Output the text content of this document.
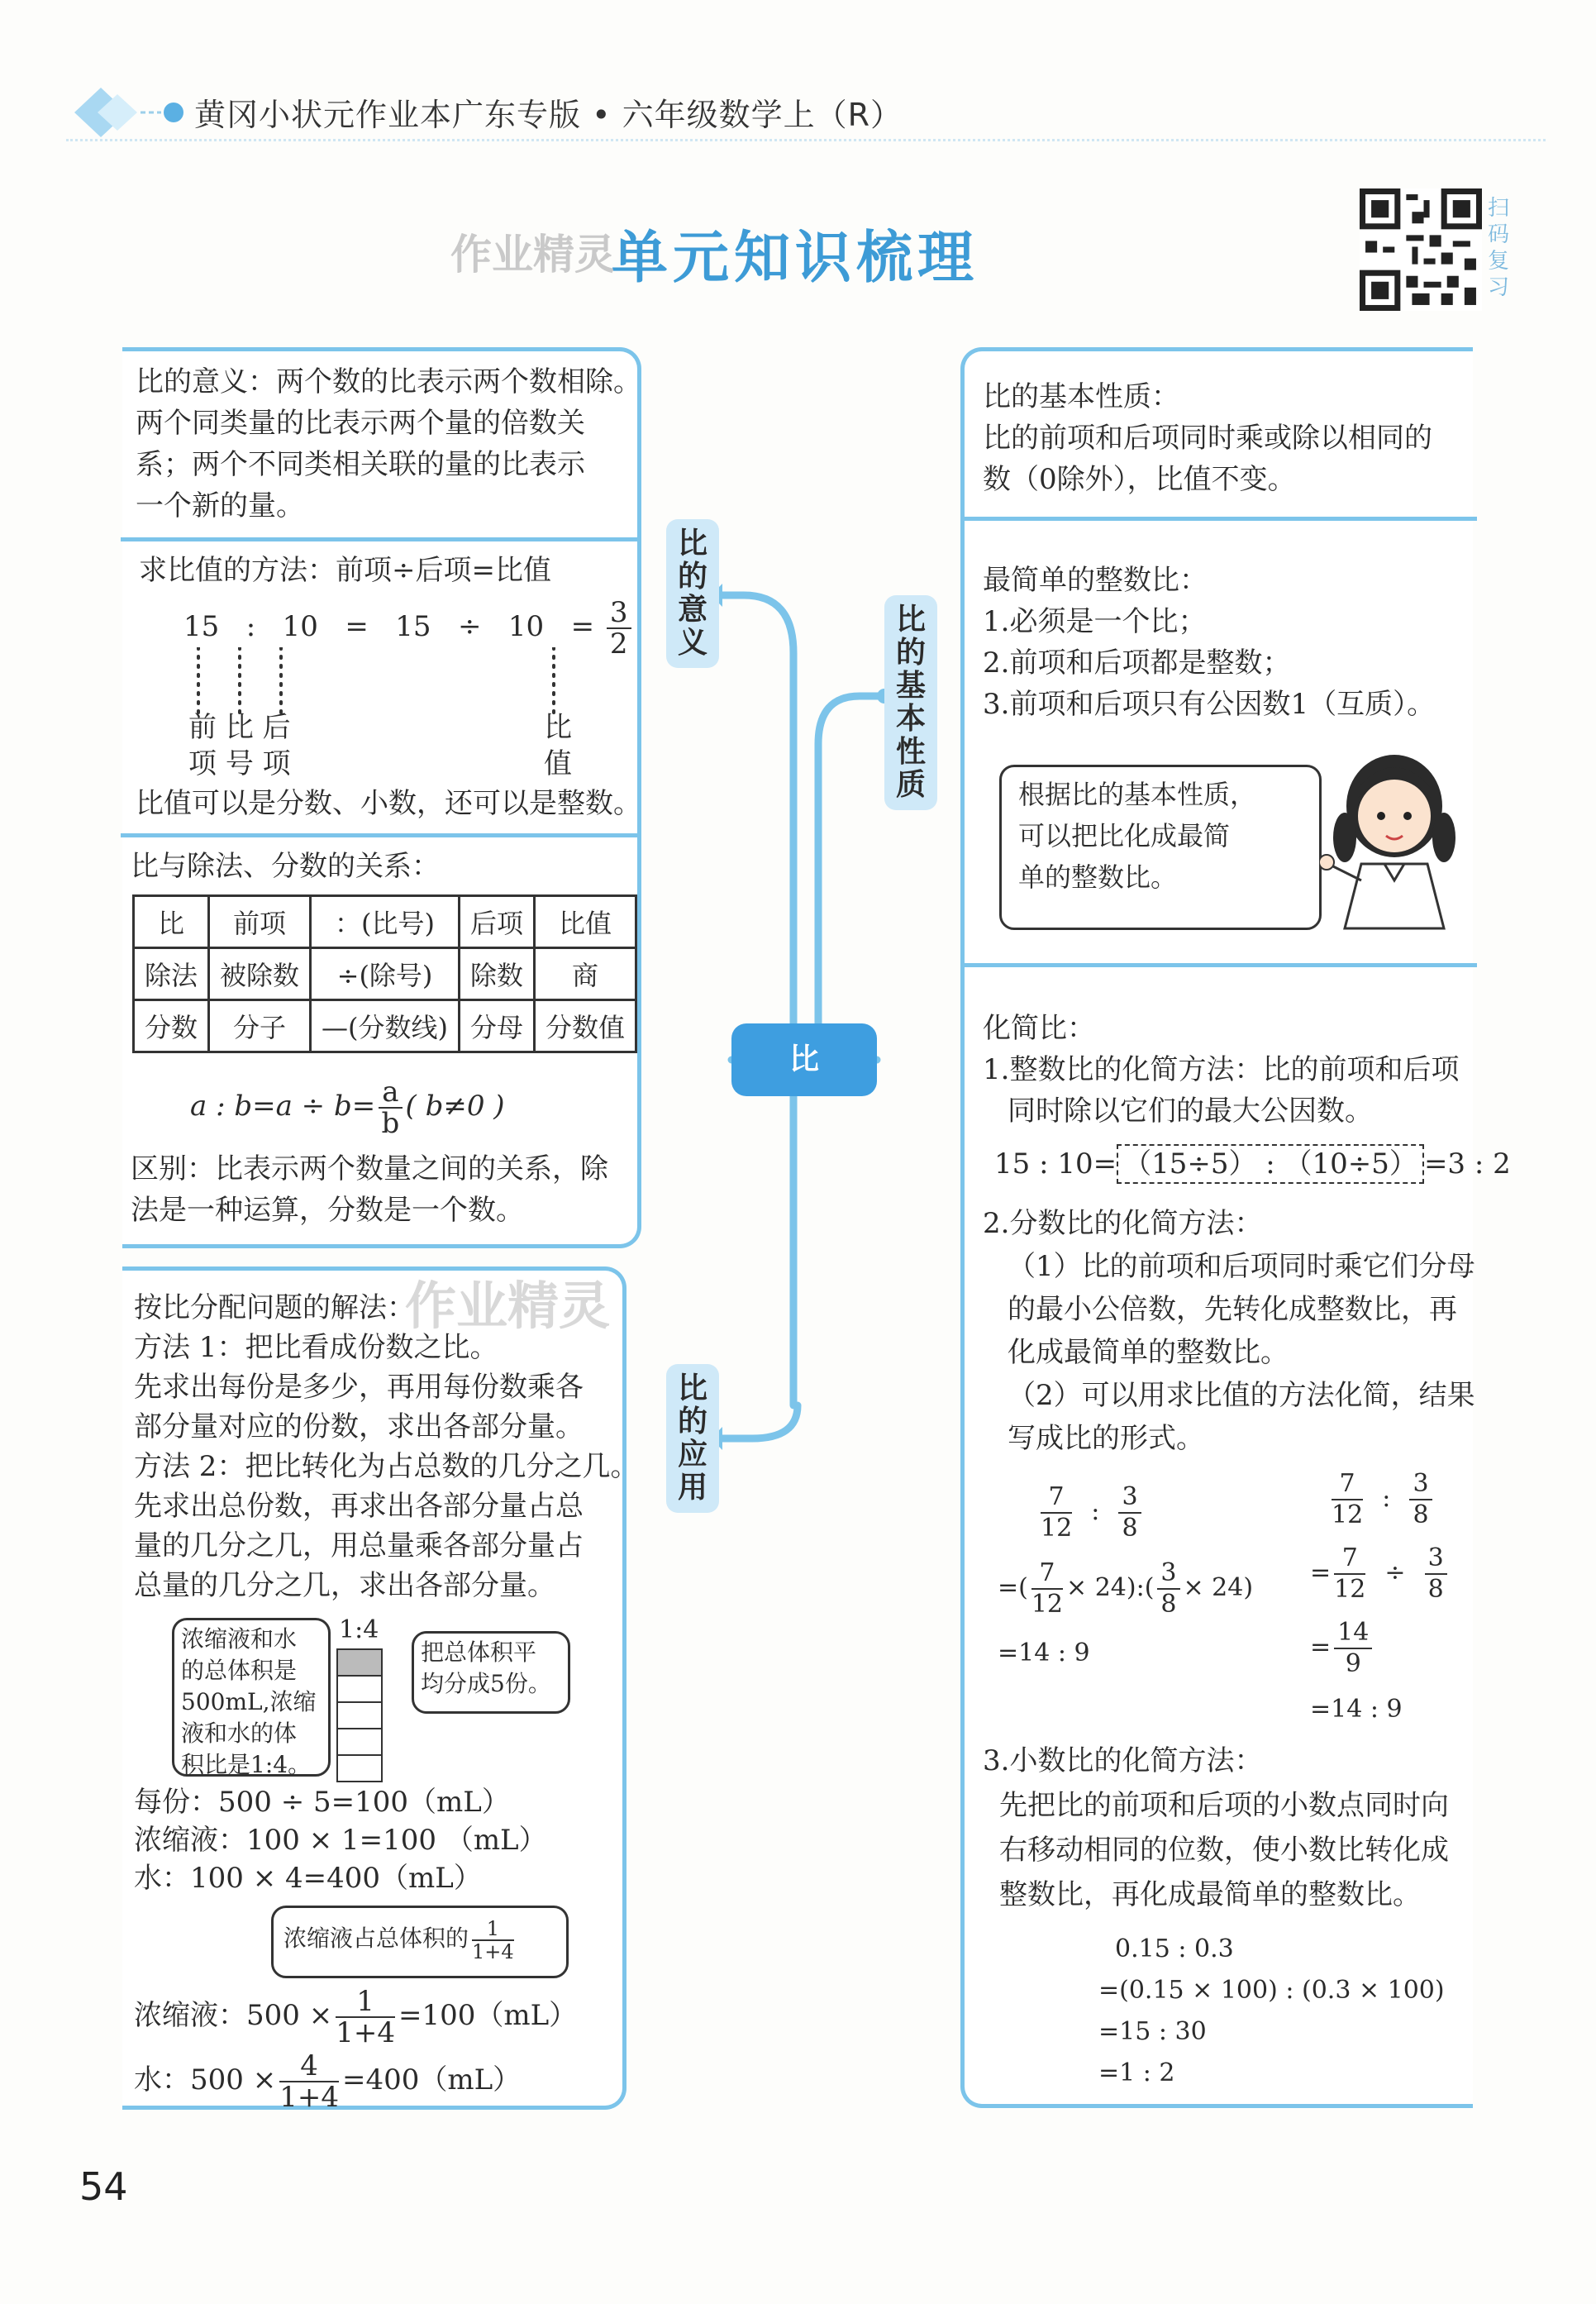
黄冈小状元作业本广东专版 • 六年级数学上（R）
作业精灵
单元知识梳理
扫码复习
比
比的意义
比的基本性质
比的应用
比的意义：两个数的比表示两个数相除。
两个同类量的比表示两个量的倍数关
系；两个不同类相关联的量的比表示
一个新的量。
求比值的方法：前项÷后项=比值
15 : $10 = 15 \div 10 = \frac{3}{2}$
前 比 后	比
项 号 项	值
比值可以是分数、小数，还可以是整数。
比与除法、分数的关系：
a : $b=a \div b= \frac{a}{b}$ ( b≠0 )
区别：比表示两个数量之间的关系，除
法是一种运算，分数是一个数。
比	前项	：(比号)	后项	比值
除法	被除数	÷(除号)	除数	商
分数	分子	—(分数线)	分母	分数值
按比分配问题的解法：
方法 1：把比看成份数之比。
先求出每份是多少，再用每份数乘各
部分量对应的份数，求出各部分量。
方法 2：把比转化为占总数的几分之几。
先求出总份数，再求出各部分量占总
量的几分之几，用总量乘各部分量占
总量的几分之几，求出各部分量。
浓缩液和水
的总体积是
500mL,浓缩
液和水的体
积比是1:4。
1:4
把总体积平
均分成5份。
每份：500 ÷ 5=100（mL）
浓缩液：100 × 1=100 （mL）
水：100 × 4=400（mL）
浓缩液占总体积的 $\frac{1}{1+4}$
浓缩液：$500 \times \frac{1}{1+4} =100(mL)$
水：$500 \times \frac{4}{1+4} =400(mL)$
作业精灵
比的基本性质：
比的前项和后项同时乘或除以相同的
数（0除外），比值不变。
最简单的整数比：
1.必须是一个比；
2.前项和后项都是整数；
3.前项和后项只有公因数1（互质）。
根据比的基本性质，
可以把比化成最简
单的整数比。
化简比：
1.整数比的化简方法：比的前项和后项
同时除以它们的最大公因数。
15 : 10= （15÷5） : （10÷5） =3 : 2
2.分数比的化简方法：
（1）比的前项和后项同时乘它们分母
的最小公倍数，先转化成整数比，再
化成最简单的整数比。
（2）可以用求比值的方法化简，结果
写成比的形式。
$\frac{7}{12}$ : $\frac{3}{8}$
=( $\frac{7}{12}$ × 24):( $\frac{3}{8} \times 24$)
=14 : 9
$\frac{7}{12}$ : $\frac{3}{8}$
= $\frac{7}{12} \div \frac{3}{8}$
= $\frac{14}{9}$
=14 : 9
3.小数比的化简方法：
先把比的前项和后项的小数点同时向
右移动相同的位数，使小数比转化成
整数比，再化成最简单的整数比。
0.15 : 0.3
=(0.15 × 100) : (0.3 × 100)
=15 : 30
=1 : 2
54
